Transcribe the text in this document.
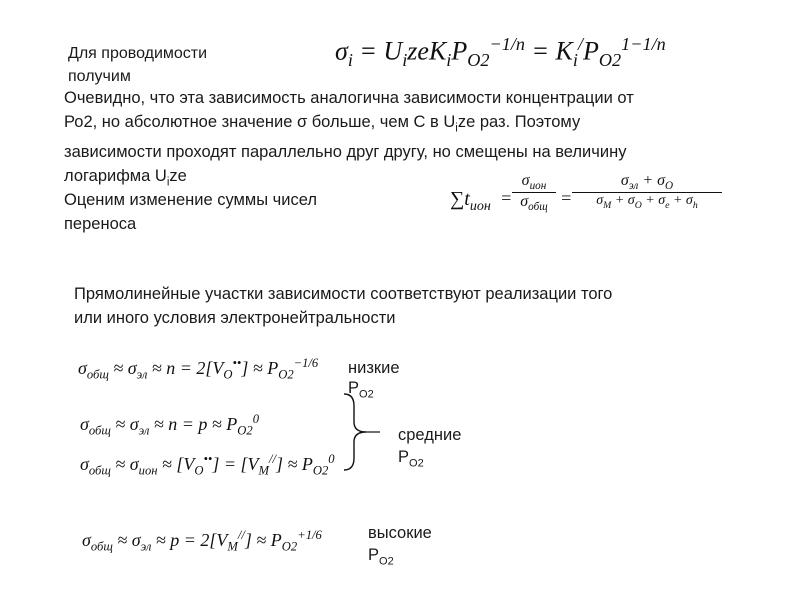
Для проводимости
получим
$\sigma_i = U_izeK_iP_{O2}^{-1/n} = K_i^/P_{O2}^{1-1/n}$
Очевидно, что эта зависимость аналогична зависимости концентрации от
Ро2, но абсолютное значение σ больше, чем С в $U_ize$ раз. Поэтому
зависимости проходят параллельно друг другу, но смещены на величину
логарифма $U_ize$
Оценим изменение суммы чисел
переноса
$\sum t_{ион}$ =
$\sigma_{ион}$
$\sigma_{общ}$ =
$\sigma_{эл} + \sigma_O$
$\sigma_M + \sigma_O + \sigma_e + \sigma_h$
Прямолинейные участки зависимости соответствуют реализации того
или иного условия электронейтральности
$\sigma_{общ} \approx \sigma_{эл} \approx n = 2[V_O^{••}] \approx P_{O2}^{-1/6}$ низкие
$P_{O2}$
$\sigma_{общ} \approx \sigma_{эл} \approx n = p \approx P_{O2}^0$
$\sigma_{общ} \approx \sigma_{ион} \approx [V_O^{••}] = [V_M^{//}] \approx P_{O2}^0$
средние
$P_{O2}$
$\sigma_{общ} \approx \sigma_{эл} \approx p = 2[V_M^{//}] \approx P_{O2}^{+1/6}$	высокие
$P_{O2}$
